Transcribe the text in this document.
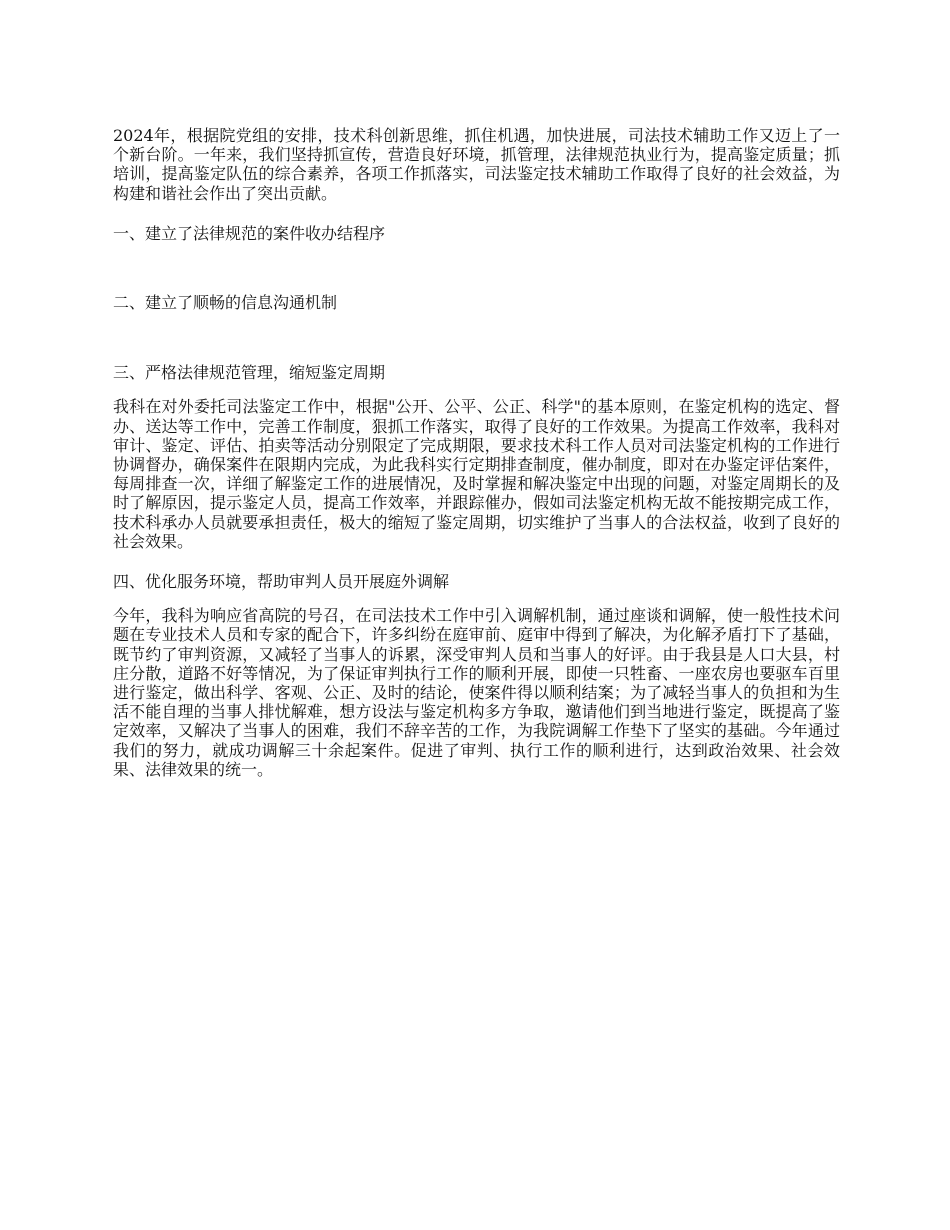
2024年，根据院党组的安排，技术科创新思维，抓住机遇，加快进展，司法技术辅助工作又迈上了一个新台阶。一年来，我们坚持抓宣传，营造良好环境，抓管理，法律规范执业行为，提高鉴定质量；抓培训，提高鉴定队伍的综合素养，各项工作抓落实，司法鉴定技术辅助工作取得了良好的社会效益，为构建和谐社会作出了突出贡献。

一、建立了法律规范的案件收办结程序

二、建立了顺畅的信息沟通机制

三、严格法律规范管理，缩短鉴定周期

我科在对外委托司法鉴定工作中，根据"公开、公平、公正、科学"的基本原则，在鉴定机构的选定、督办、送达等工作中，完善工作制度，狠抓工作落实，取得了良好的工作效果。为提高工作效率，我科对审计、鉴定、评估、拍卖等活动分别限定了完成期限，要求技术科工作人员对司法鉴定机构的工作进行协调督办，确保案件在限期内完成，为此我科实行定期排查制度，催办制度，即对在办鉴定评估案件，每周排查一次，详细了解鉴定工作的进展情况，及时掌握和解决鉴定中出现的问题，对鉴定周期长的及时了解原因，提示鉴定人员，提高工作效率，并跟踪催办，假如司法鉴定机构无故不能按期完成工作，技术科承办人员就要承担责任，极大的缩短了鉴定周期，切实维护了当事人的合法权益，收到了良好的社会效果。

四、优化服务环境，帮助审判人员开展庭外调解

今年，我科为响应省高院的号召，在司法技术工作中引入调解机制，通过座谈和调解，使一般性技术问题在专业技术人员和专家的配合下，许多纠纷在庭审前、庭审中得到了解决，为化解矛盾打下了基础，既节约了审判资源，又减轻了当事人的诉累，深受审判人员和当事人的好评。由于我县是人口大县，村庄分散，道路不好等情况，为了保证审判执行工作的顺利开展，即使一只牲畜、一座农房也要驱车百里进行鉴定，做出科学、客观、公正、及时的结论，使案件得以顺利结案；为了减轻当事人的负担和为生活不能自理的当事人排忧解难，想方设法与鉴定机构多方争取，邀请他们到当地进行鉴定，既提高了鉴定效率，又解决了当事人的困难，我们不辞辛苦的工作，为我院调解工作垫下了坚实的基础。今年通过我们的努力，就成功调解三十余起案件。促进了审判、执行工作的顺利进行，达到政治效果、社会效果、法律效果的统一。
